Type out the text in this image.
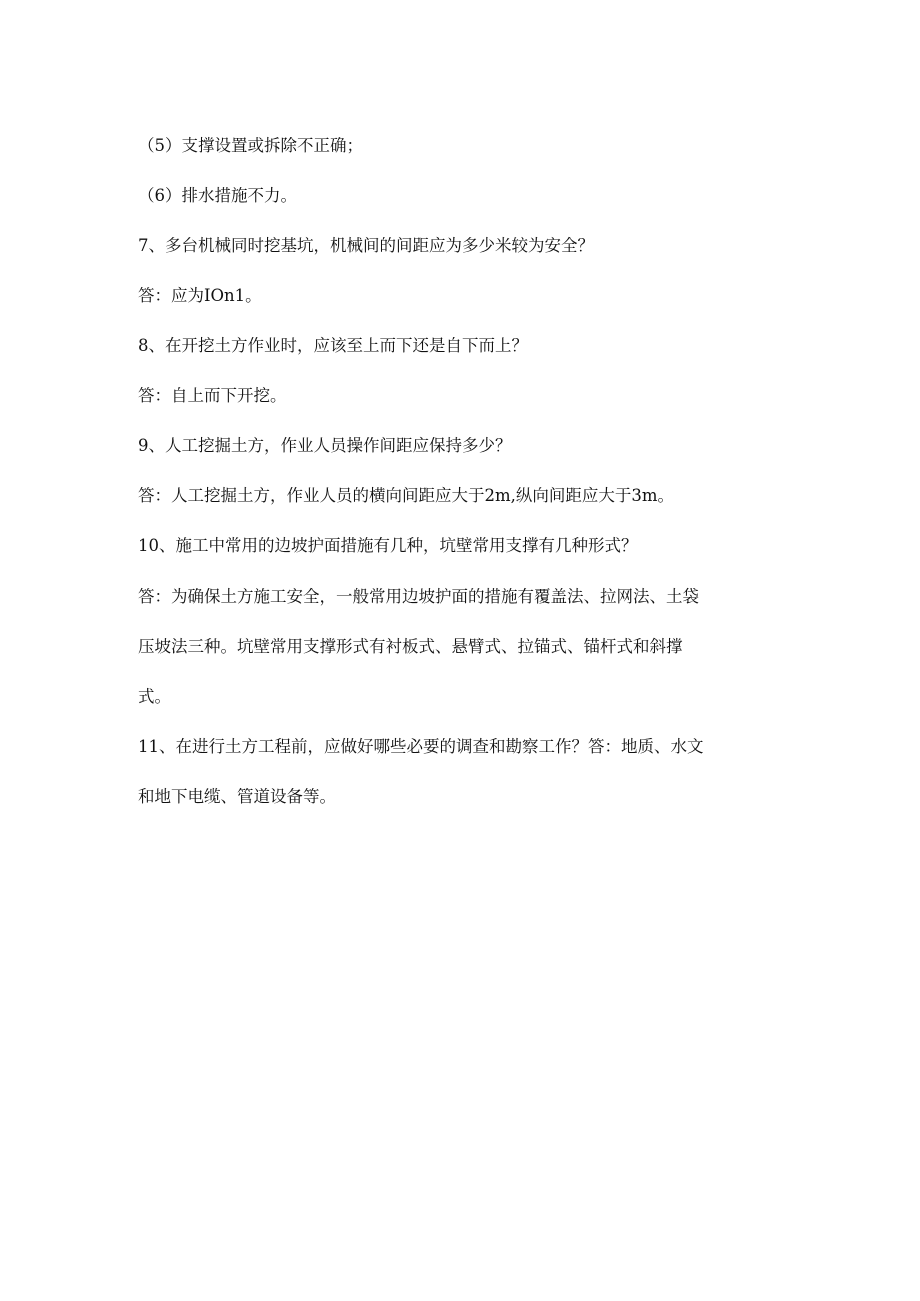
（5）支撑设置或拆除不正确；

（6）排水措施不力。

7、多台机械同时挖基坑，机械间的间距应为多少米较为安全？

答：应为IOn1。

8、在开挖土方作业时，应该至上而下还是自下而上？

答：自上而下开挖。

9、人工挖掘土方，作业人员操作间距应保持多少？

答：人工挖掘土方，作业人员的横向间距应大于2m,纵向间距应大于3m。

10、施工中常用的边坡护面措施有几种，坑壁常用支撑有几种形式？

答：为确保土方施工安全，一般常用边坡护面的措施有覆盖法、拉网法、土袋

压坡法三种。坑壁常用支撑形式有衬板式、悬臂式、拉锚式、锚杆式和斜撑

式。

11、在进行土方工程前，应做好哪些必要的调查和勘察工作？答：地质、水文

和地下电缆、管道设备等。
